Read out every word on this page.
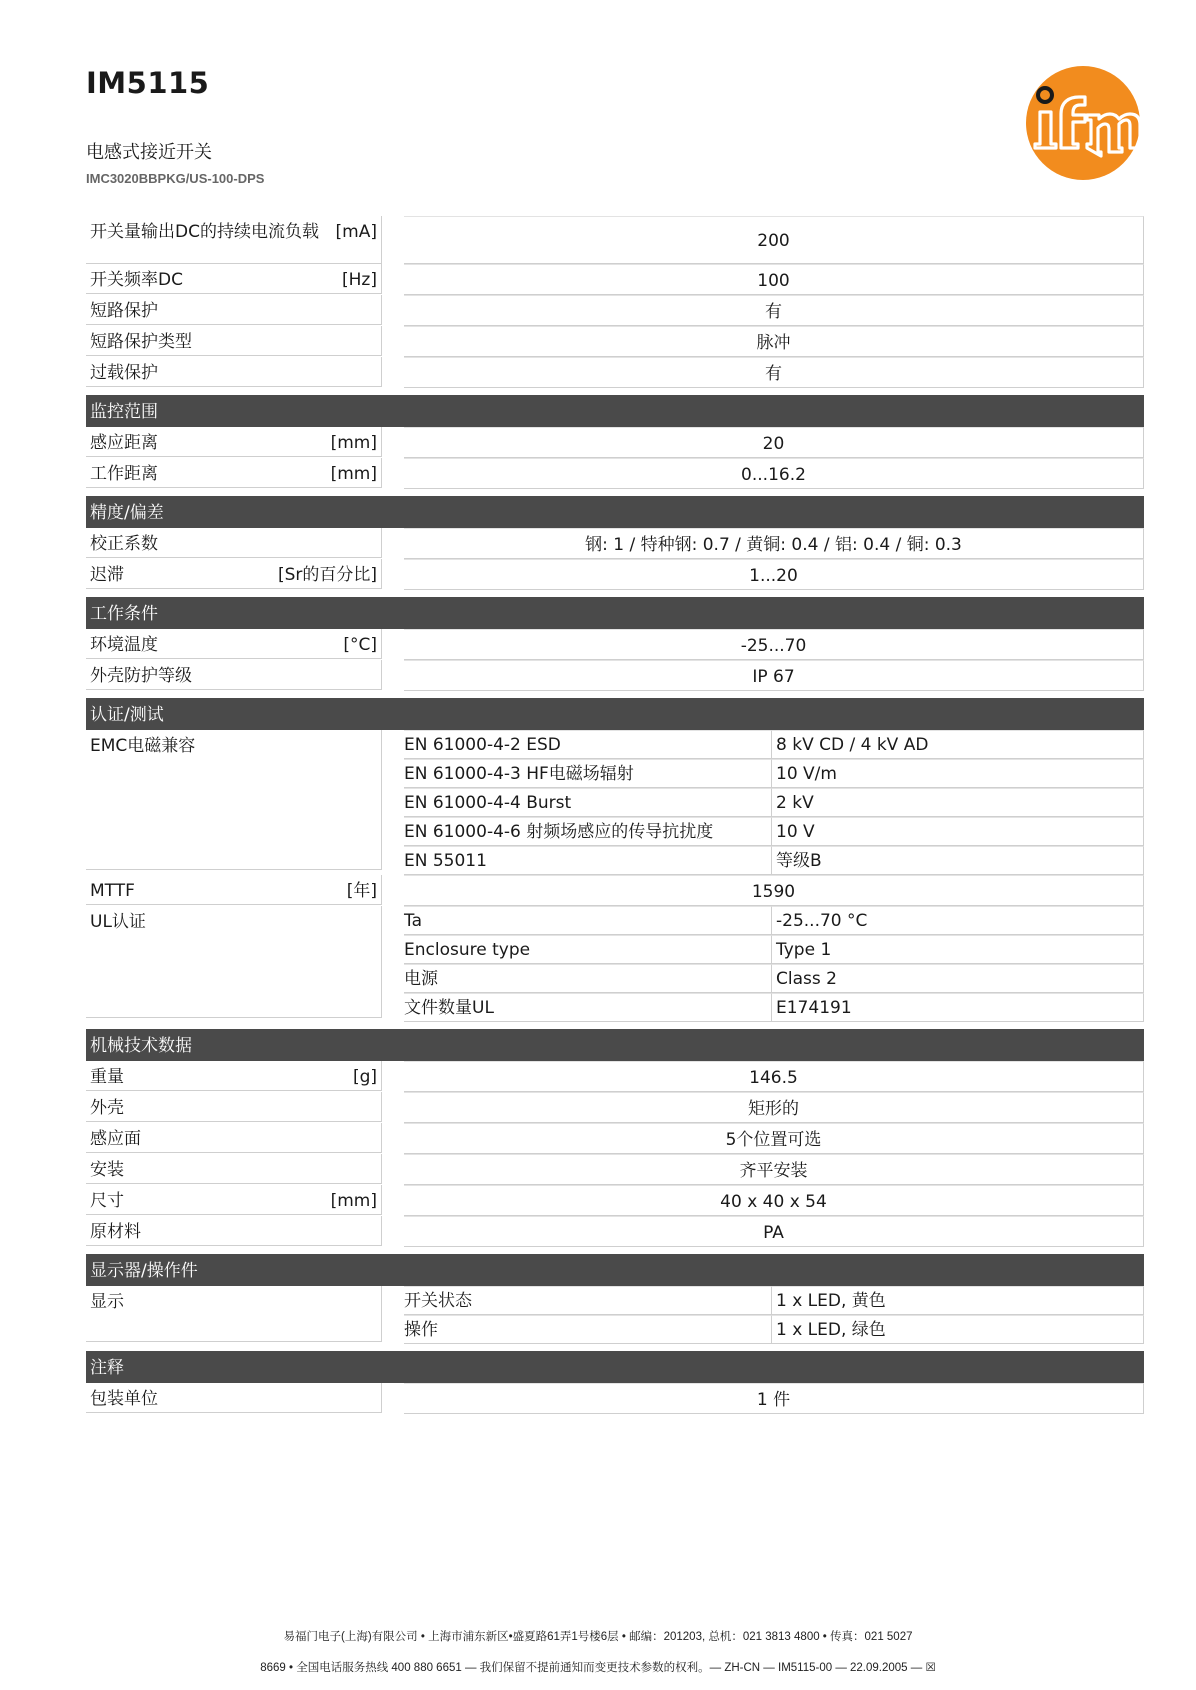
IM5115
电感式接近开关
IMC3020BBPKG/US-100-DPS
开关量输出DC的持续电流负载 [mA]	200
开关频率DC	[Hz]	100
短路保护	有
短路保护类型	脉冲
过载保护	有
监控范围
感应距离	[mm]	20
工作距离	[mm]	0...16.2
精度/偏差
校正系数	钢: 1 / 特种钢: 0.7 / 黄铜: 0.4 / 铝: 0.4 / 铜: 0.3
迟滞	[Sr的百分比]	1...20
工作条件
环境温度	[°C]	-25...70
外壳防护等级	IP 67
认证/测试
EMC电磁兼容	EN 61000-4-2 ESD	8 kV CD / 4 kV AD
EN 61000-4-3 HF电磁场辐射	10 V/m
EN 61000-4-4 Burst	2 kV
EN 61000-4-6 射频场感应的传导抗扰度	10 V
EN 55011	等级B
MTTF	[年]	1590
UL认证	Ta	-25...70 °C
Enclosure type	Type 1
电源	Class 2
文件数量UL	E174191
机械技术数据
重量	[g]	146.5
外壳	矩形的
感应面	5个位置可选
安装	齐平安装
尺寸	[mm]	40 x 40 x 54
原材料	PA
显示器/操作件
显示	开关状态	1 x LED, 黄色
操作	1 x LED, 绿色
注释
包装单位	1 件
易福门电子(上海)有限公司 • 上海市浦东新区•盛夏路61弄1号楼6层 • 邮编：201203, 总机：021 3813 4800 • 传真：021 5027
8669 • 全国电话服务热线 400 880 6651 — 我们保留不提前通知而变更技术参数的权利。— ZH-CN — IM5115-00 — 22.09.2005 — ☒
